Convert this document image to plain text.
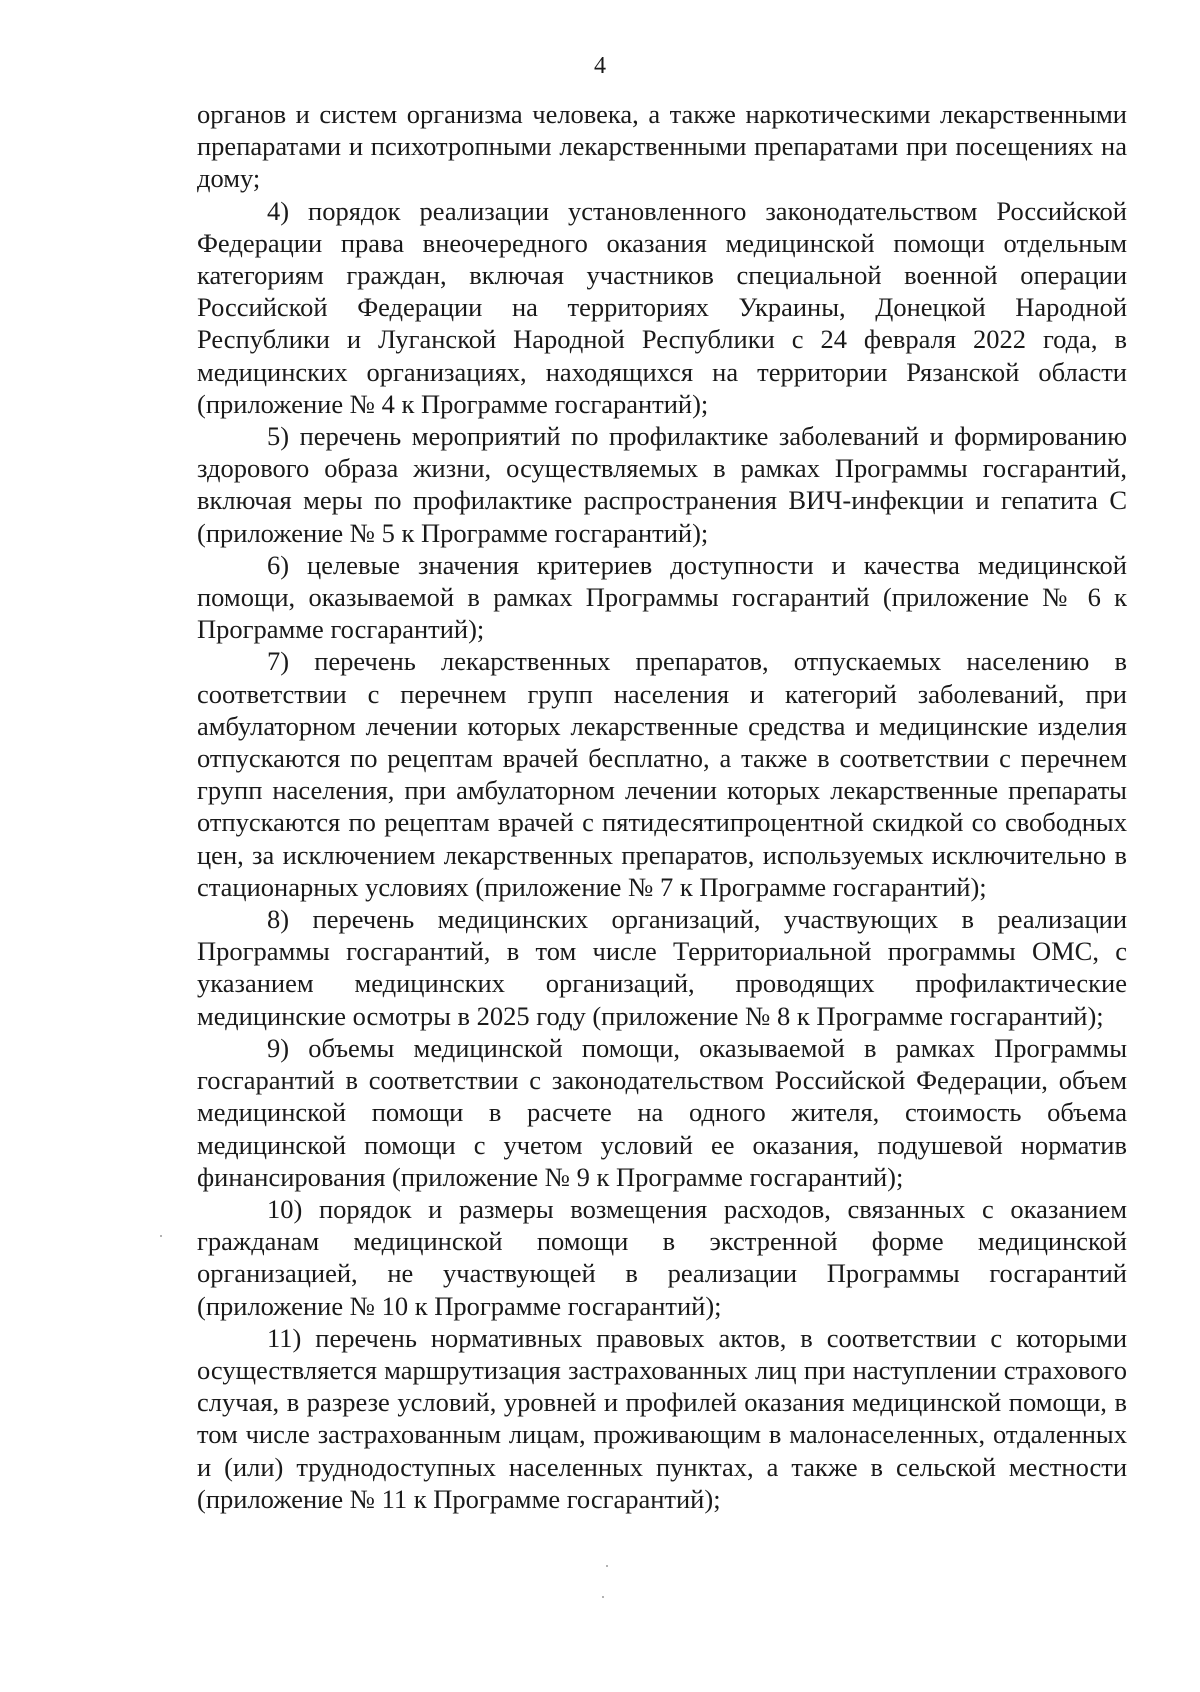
4

органов и систем организма человека, а также наркотическими лекарственными препаратами и психотропными лекарственными препаратами при посещениях на дому;

4) порядок реализации установленного законодательством Российской Федерации права внеочередного оказания медицинской помощи отдельным категориям граждан, включая участников специальной военной операции Российской Федерации на территориях Украины, Донецкой Народной Республики и Луганской Народной Республики с 24 февраля 2022 года, в медицинских организациях, находящихся на территории Рязанской области (приложение № 4 к Программе госгарантий);

5) перечень мероприятий по профилактике заболеваний и формированию здорового образа жизни, осуществляемых в рамках Программы госгарантий, включая меры по профилактике распространения ВИЧ-инфекции и гепатита С (приложение № 5 к Программе госгарантий);

6) целевые значения критериев доступности и качества медицинской помощи, оказываемой в рамках Программы госгарантий (приложение № 6 к Программе госгарантий);

7) перечень лекарственных препаратов, отпускаемых населению в соответствии с перечнем групп населения и категорий заболеваний, при амбулаторном лечении которых лекарственные средства и медицинские изделия отпускаются по рецептам врачей бесплатно, а также в соответствии с перечнем групп населения, при амбулаторном лечении которых лекарственные препараты отпускаются по рецептам врачей с пятидесятипроцентной скидкой со свободных цен, за исключением лекарственных препаратов, используемых исключительно в стационарных условиях (приложение № 7 к Программе госгарантий);

8) перечень медицинских организаций, участвующих в реализации Программы госгарантий, в том числе Территориальной программы ОМС, с указанием медицинских организаций, проводящих профилактические медицинские осмотры в 2025 году (приложение № 8 к Программе госгарантий);

9) объемы медицинской помощи, оказываемой в рамках Программы госгарантий в соответствии с законодательством Российской Федерации, объем медицинской помощи в расчете на одного жителя, стоимость объема медицинской помощи с учетом условий ее оказания, подушевой норматив финансирования (приложение № 9 к Программе госгарантий);

10) порядок и размеры возмещения расходов, связанных с оказанием гражданам медицинской помощи в экстренной форме медицинской организацией, не участвующей в реализации Программы госгарантий (приложение № 10 к Программе госгарантий);

11) перечень нормативных правовых актов, в соответствии с которыми осуществляется маршрутизация застрахованных лиц при наступлении страхового случая, в разрезе условий, уровней и профилей оказания медицинской помощи, в том числе застрахованным лицам, проживающим в малонаселенных, отдаленных и (или) труднодоступных населенных пунктах, а также в сельской местности (приложение № 11 к Программе госгарантий);
